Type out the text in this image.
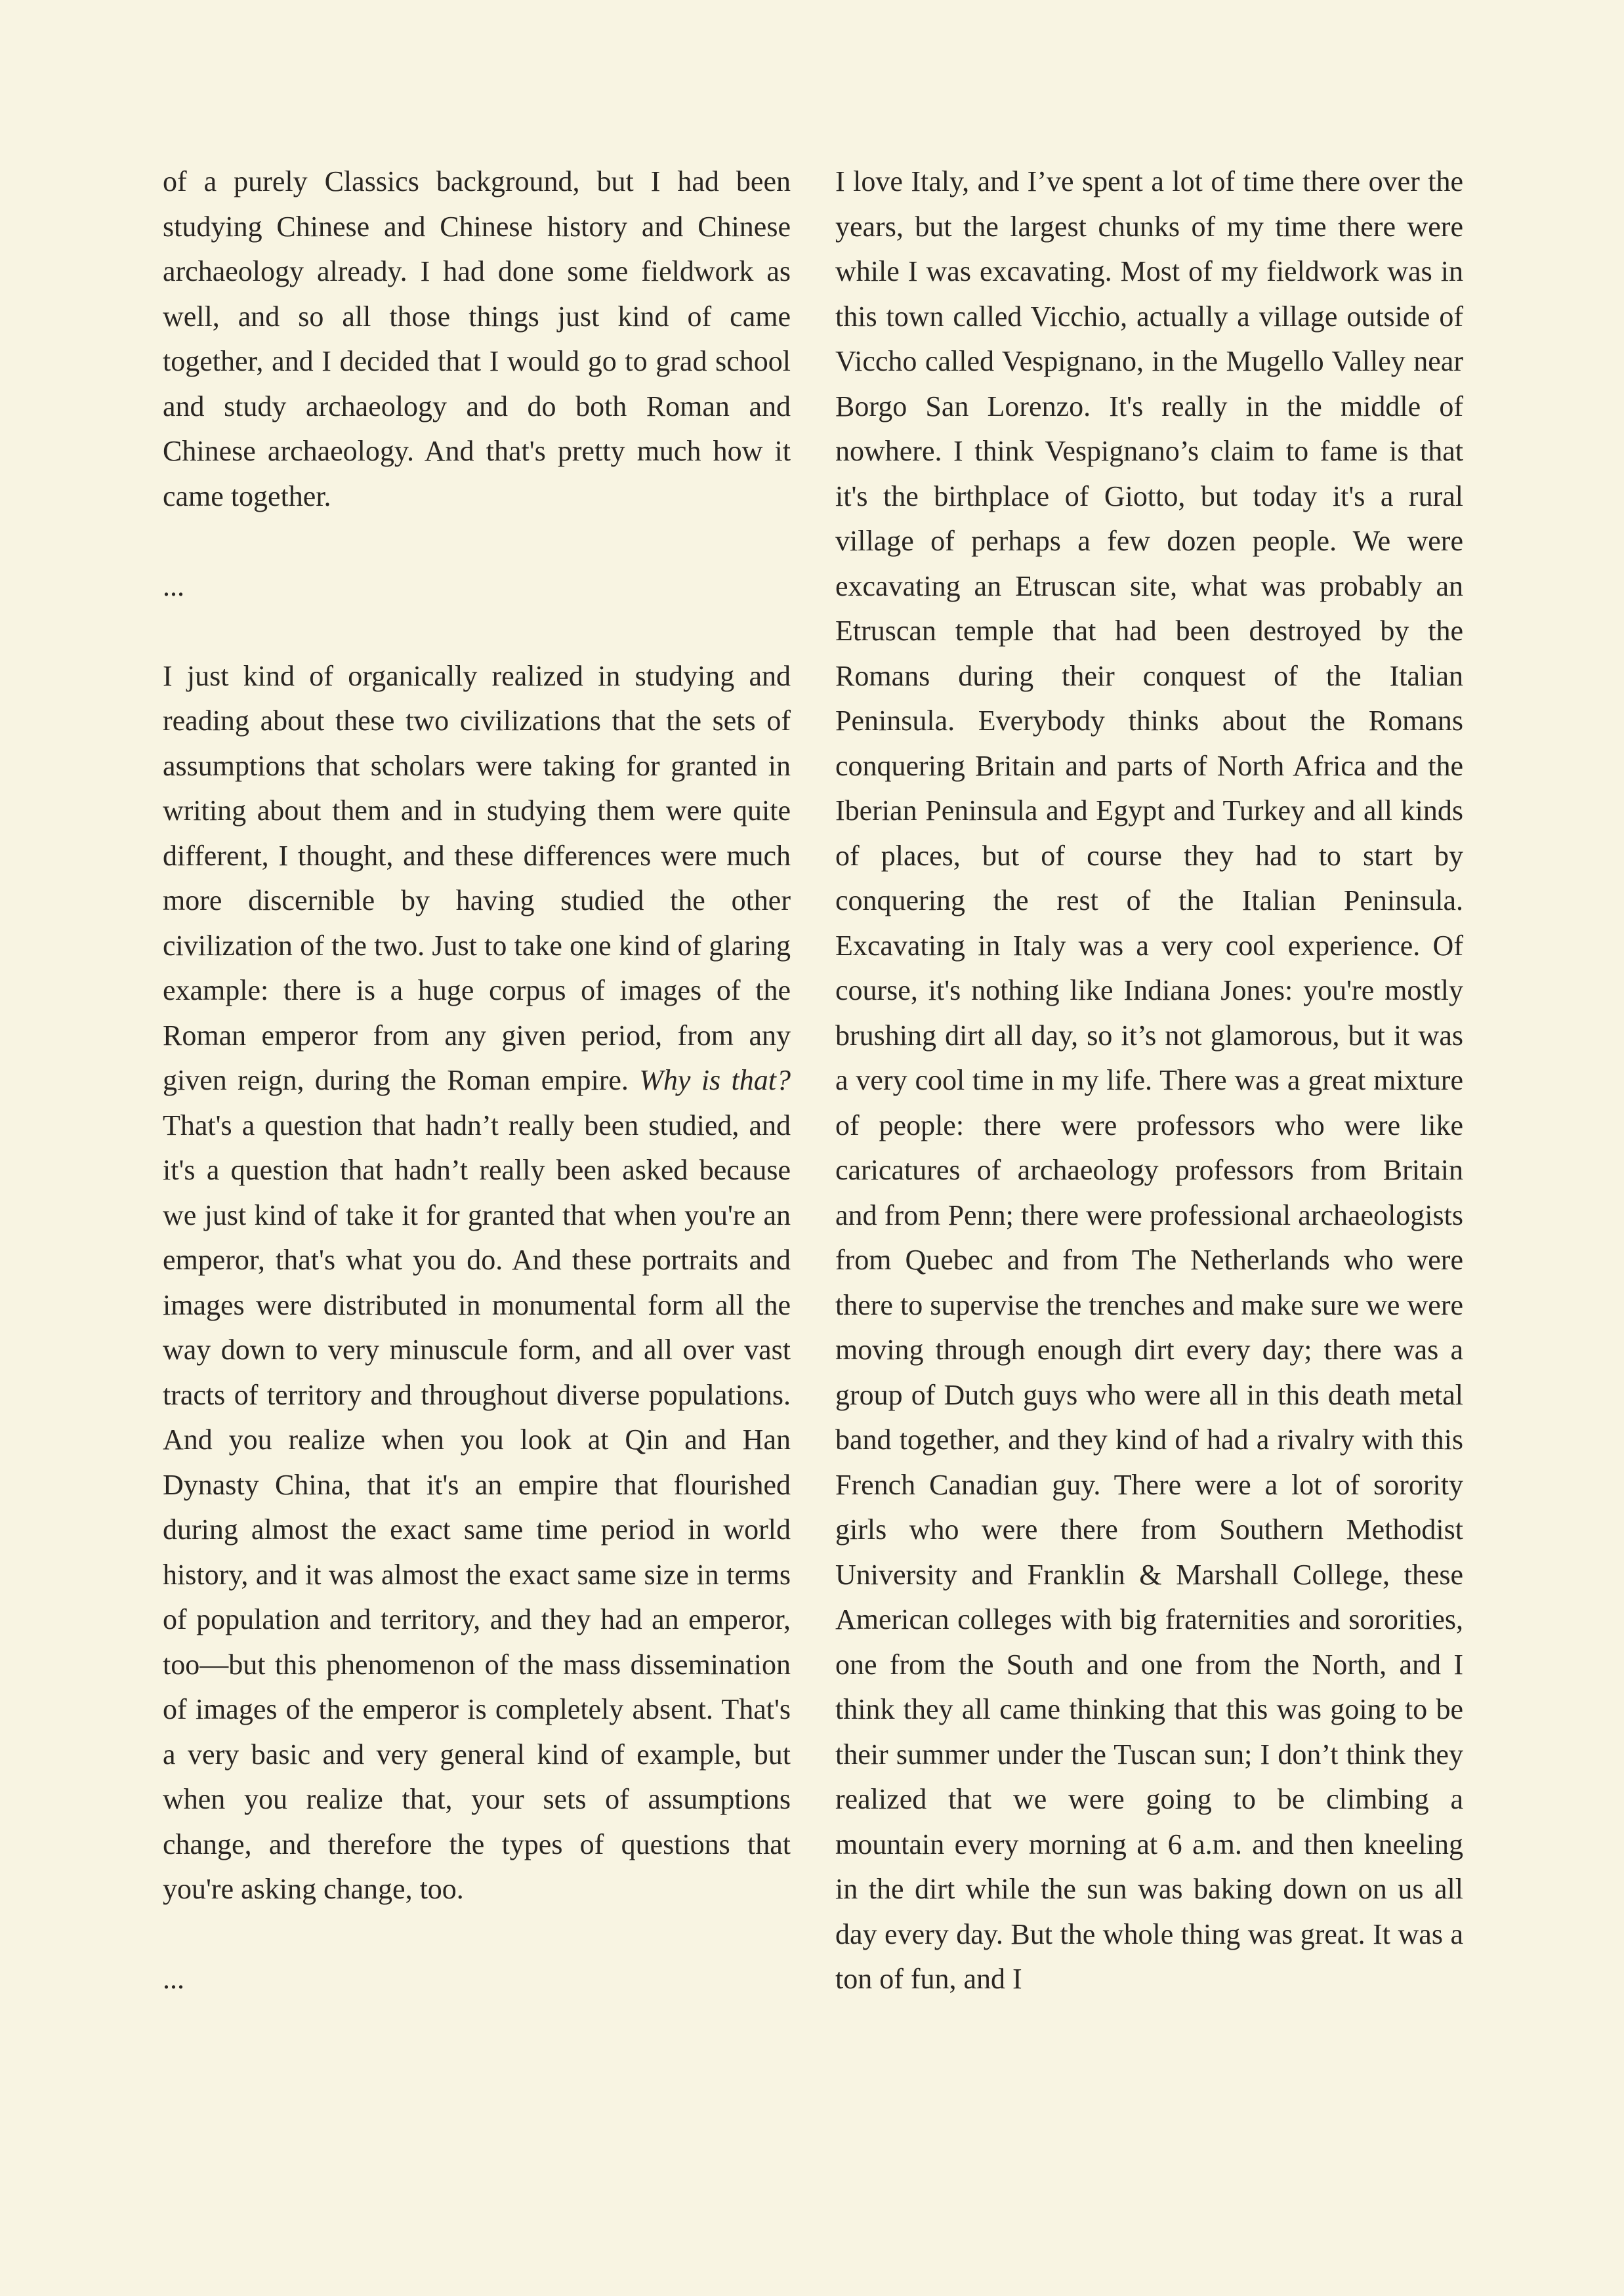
of a purely Classics background, but I had been studying Chinese and Chinese history and Chinese archaeology already. I had done some fieldwork as well, and so all those things just kind of came together, and I decided that I would go to grad school and study archaeology and do both Roman and Chinese archaeology. And that's pretty much how it came together.

...

I just kind of organically realized in studying and reading about these two civilizations that the sets of assumptions that scholars were taking for granted in writing about them and in studying them were quite different, I thought, and these differences were much more discernible by having studied the other civilization of the two. Just to take one kind of glaring example: there is a huge corpus of images of the Roman emperor from any given period, from any given reign, during the Roman empire. Why is that? That's a question that hadn’t really been studied, and it's a question that hadn’t really been asked because we just kind of take it for granted that when you're an emperor, that's what you do. And these portraits and images were distributed in monumental form all the way down to very minuscule form, and all over vast tracts of territory and throughout diverse populations. And you realize when you look at Qin and Han Dynasty China, that it's an empire that flourished during almost the exact same time period in world history, and it was almost the exact same size in terms of population and territory, and they had an emperor, too—but this phenomenon of the mass dissemination of images of the emperor is completely absent. That's a very basic and very general kind of example, but when you realize that, your sets of assumptions change, and therefore the types of questions that you're asking change, too.

...

I love Italy, and I’ve spent a lot of time there over the years, but the largest chunks of my time there were while I was excavating. Most of my fieldwork was in this town called Vicchio, actually a village outside of Viccho called Vespignano, in the Mugello Valley near Borgo San Lorenzo. It's really in the middle of nowhere. I think Vespignano’s claim to fame is that it's the birthplace of Giotto, but today it's a rural village of perhaps a few dozen people. We were excavating an Etruscan site, what was probably an Etruscan temple that had been destroyed by the Romans during their conquest of the Italian Peninsula. Everybody thinks about the Romans conquering Britain and parts of North Africa and the Iberian Peninsula and Egypt and Turkey and all kinds of places, but of course they had to start by conquering the rest of the Italian Peninsula. Excavating in Italy was a very cool experience. Of course, it's nothing like Indiana Jones: you're mostly brushing dirt all day, so it’s not glamorous, but it was a very cool time in my life. There was a great mixture of people: there were professors who were like caricatures of archaeology professors from Britain and from Penn; there were professional archaeologists from Quebec and from The Netherlands who were there to supervise the trenches and make sure we were moving through enough dirt every day; there was a group of Dutch guys who were all in this death metal band together, and they kind of had a rivalry with this French Canadian guy. There were a lot of sorority girls who were there from Southern Methodist University and Franklin & Marshall College, these American colleges with big fraternities and sororities, one from the South and one from the North, and I think they all came thinking that this was going to be their summer under the Tuscan sun; I don’t think they realized that we were going to be climbing a mountain every morning at 6 a.m. and then kneeling in the dirt while the sun was baking down on us all day every day. But the whole thing was great. It was a ton of fun, and I
